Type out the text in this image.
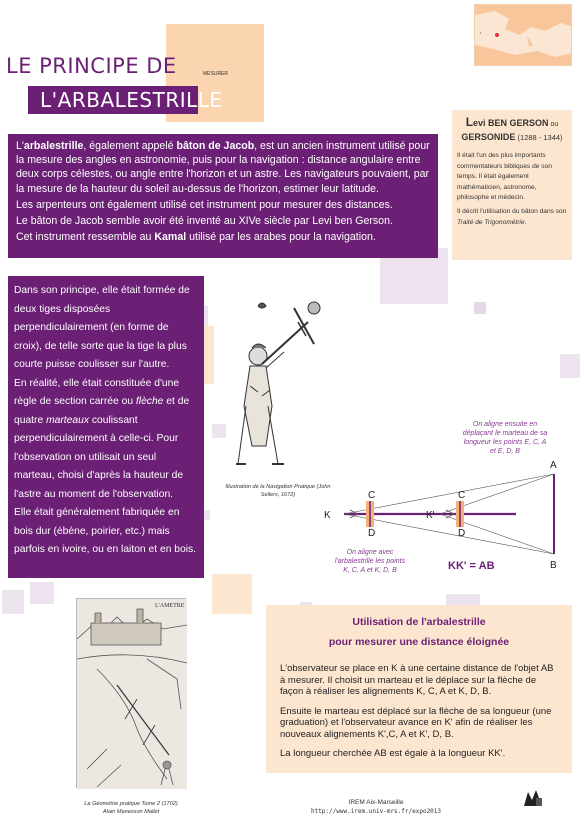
•
LE PRINCIPE DE
L'ARBALESTRILLE
MESURER

L'arbalestrille, également appelé bâton de Jacob, est un ancien instrument utilisé pour la mesure des angles en astronomie, puis pour la navigation : distance angulaire entre deux corps célestes, ou angle entre l'horizon et un astre. Les navigateurs pouvaient, par la mesure de la hauteur du soleil au-dessus de l'horizon, estimer leur latitude.

Les arpenteurs ont également utilisé cet instrument pour mesurer des distances.

Le bâton de Jacob semble avoir été inventé au XIVe siècle par Levi ben Gerson.

Cet instrument ressemble au Kamal utilisé par les arabes pour la navigation.

Levi BEN GERSON ou
GERSONIDE (1288 - 1344)

Il était l'un des plus importants commentateurs bibliques de son temps. Il était également mathématicien, astronome, philosophe et médecin.

Il décrit l'utilisation du bâton dans son Traité de Trigonométrie.

Dans son principe, elle était formée de deux tiges disposées perpendiculairement (en forme de croix), de telle sorte que la tige la plus courte puisse coulisser sur l'autre.

En réalité, elle était constituée d'une règle de section carrée ou flèche et de quatre marteaux coulissant perpendiculairement à celle-ci. Pour l'observation on utilisait un seul marteau, choisi d'après la hauteur de l'astre au moment de l'observation.

Elle était généralement fabriquée en bois dur (ébène, poirier, etc.) mais parfois en ivoire, ou en laiton et en bois.

Illustration de la Navigation Pratique (John Sellers, 1672)
On aligne ensuite en déplaçant le marteau de sa longueur les points E, C, A et E, D, B
K	K'
C
D
C
D
A
B
On aligne avec l'arbalestrille les points K, C, A et K, D, B	KK' = AB
L'AMETRE
La Géométrie pratique Tome 2 (1702)
Alain Manesson Mallet
Utilisation de l'arbalestrille
pour mesurer une distance éloignée

L'observateur se place en K à une certaine distance de l'objet AB à mesurer. Il choisit un marteau et le déplace sur la flèche de façon à réaliser les alignements K, C, A et K, D, B.

Ensuite le marteau est déplacé sur la flèche de sa longueur (une graduation) et l'observateur avance en K' afin de réaliser les nouveaux alignements K',C, A et K', D, B.

La longueur cherchée AB est égale à la longueur KK'.

IREM Aix-Marseille
http://www.irem.univ-mrs.fr/expo2013
